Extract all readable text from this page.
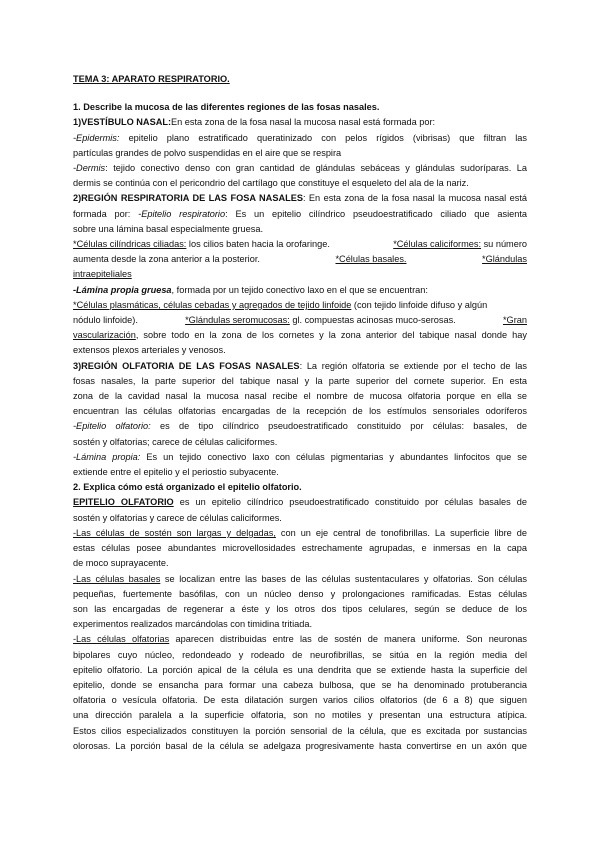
TEMA 3: APARATO RESPIRATORIO.
1. Describe la mucosa de las diferentes regiones de las fosas nasales.
1)VESTÍBULO NASAL:En esta zona de la fosa nasal la mucosa nasal está formada por:
-Epidermis: epitelio plano estratificado queratinizado con pelos rígidos (vibrisas) que filtran las
partículas grandes de polvo suspendidas en el aire que se respira
-Dermis: tejido conectivo denso con gran cantidad de glándulas sebáceas y glándulas sudoríparas. La
dermis se continúa con el pericondrio del cartílago que constituye el esqueleto del ala de la nariz.
2)REGIÓN RESPIRATORIA DE LAS FOSA NASALES: En esta zona de la fosa nasal la mucosa nasal está
formada por: -Epitelio respiratorio: Es un epitelio cilíndrico pseudoestratificado ciliado que asienta
sobre una lámina basal especialmente gruesa.
*Células cilíndricas ciliadas: los cilios baten hacia la orofaringe.	*Células caliciformes: su número
aumenta desde la zona anterior a la posterior.	*Células basales.	*Glándulas
intraepiteliales
-Lámina propia gruesa, formada por un tejido conectivo laxo en el que se encuentran:
*Células plasmáticas, células cebadas y agregados de tejido linfoide (con tejido linfoide difuso y algún
nódulo linfoide).	*Glándulas seromucosas: gl. compuestas acinosas muco-serosas.	*Gran
vascularización, sobre todo en la zona de los cornetes y la zona anterior del tabique nasal donde hay
extensos plexos arteriales y venosos.
3)REGIÓN OLFATORIA DE LAS FOSAS NASALES: La región olfatoria se extiende por el techo de las
fosas nasales, la parte superior del tabique nasal y la parte superior del cornete superior. En esta
zona de la cavidad nasal la mucosa nasal recibe el nombre de mucosa olfatoria porque en ella se
encuentran las células olfatorias encargadas de la recepción de los estímulos sensoriales odoríferos
-Epitelio olfatorio: es de tipo cilíndrico pseudoestratificado constituido por células: basales, de
sostén y olfatorias; carece de células caliciformes.
-Lámina propia: Es un tejido conectivo laxo con células pigmentarias y abundantes linfocitos que se
extiende entre el epitelio y el periostio subyacente.
2. Explica cómo está organizado el epitelio olfatorio.
EPITELIO OLFATORIO es un epitelio cilíndrico pseudoestratificado constituido por células basales de
sostén y olfatorias y carece de células caliciformes.
-Las células de sostén son largas y delgadas, con un eje central de tonofibrillas. La superficie libre de
estas células posee abundantes microvellosidades estrechamente agrupadas, e inmersas en la capa
de moco suprayacente.
-Las células basales se localizan entre las bases de las células sustentaculares y olfatorias. Son células
pequeñas, fuertemente basófilas, con un núcleo denso y prolongaciones ramificadas. Estas células
son las encargadas de regenerar a éste y los otros dos tipos celulares, según se deduce de los
experimentos realizados marcándolas con timidina tritiada.
-Las células olfatorias aparecen distribuidas entre las de sostén de manera uniforme. Son neuronas
bipolares cuyo núcleo, redondeado y rodeado de neurofibrillas, se sitúa en la región media del
epitelio olfatorio. La porción apical de la célula es una dendrita que se extiende hasta la superficie del
epitelio, donde se ensancha para formar una cabeza bulbosa, que se ha denominado protuberancia
olfatoria o vesícula olfatoria. De esta dilatación surgen varios cilios olfatorios (de 6 a 8) que siguen
una dirección paralela a la superficie olfatoria, son no motiles y presentan una estructura atípica.
Estos cilios especializados constituyen la porción sensorial de la célula, que es excitada por sustancias
olorosas. La porción basal de la célula se adelgaza progresivamente hasta convertirse en un axón que
